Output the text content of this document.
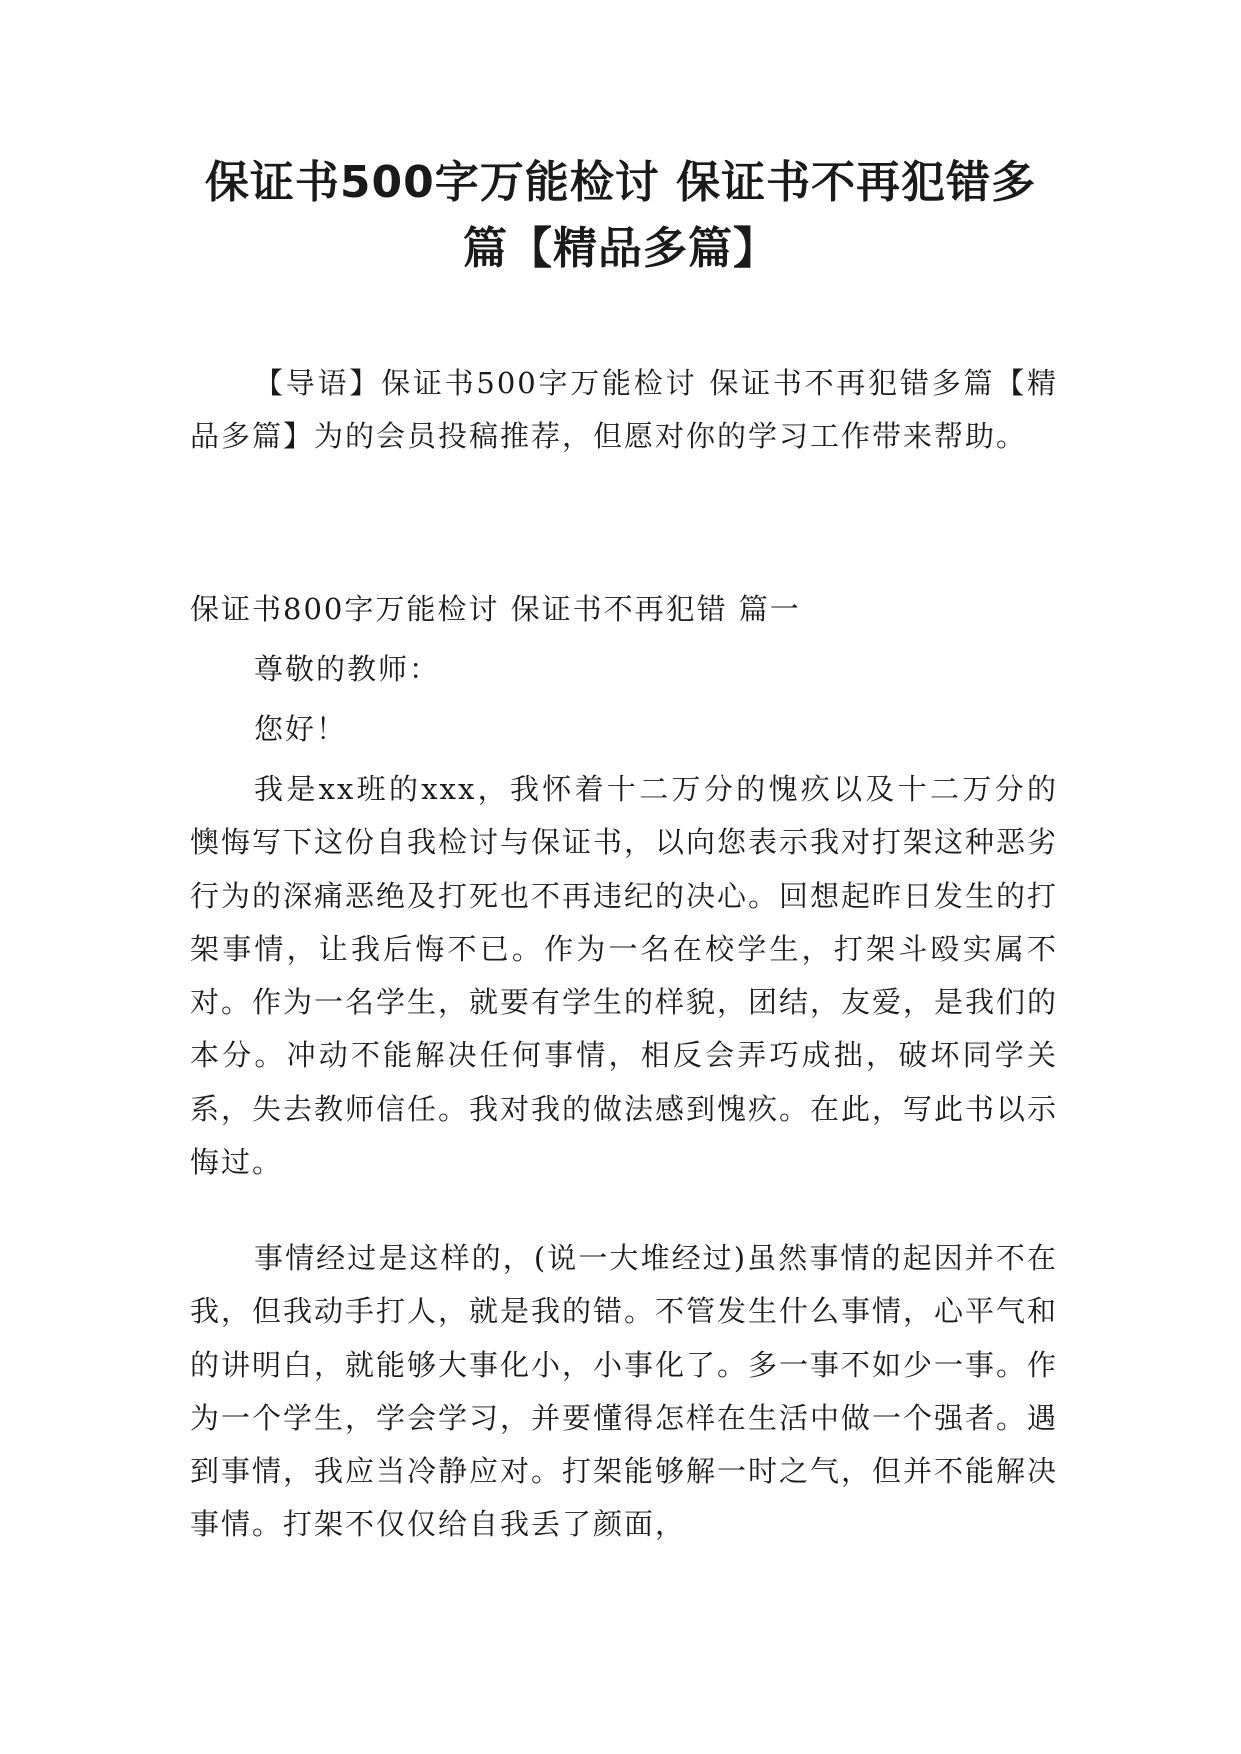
保证书500字万能检讨 保证书不再犯错多
篇【精品多篇】

【导语】保证书500字万能检讨 保证书不再犯错多篇【精品多篇】为的会员投稿推荐，但愿对你的学习工作带来帮助。

保证书800字万能检讨 保证书不再犯错 篇一

尊敬的教师：

您好！

我是xx班的xxx，我怀着十二万分的愧疚以及十二万分的懊悔写下这份自我检讨与保证书，以向您表示我对打架这种恶劣行为的深痛恶绝及打死也不再违纪的决心。回想起昨日发生的打架事情，让我后悔不已。作为一名在校学生，打架斗殴实属不对。作为一名学生，就要有学生的样貌，团结，友爱，是我们的本分。冲动不能解决任何事情，相反会弄巧成拙，破坏同学关系，失去教师信任。我对我的做法感到愧疚。在此，写此书以示悔过。

事情经过是这样的，(说一大堆经过)虽然事情的起因并不在我，但我动手打人，就是我的错。不管发生什么事情，心平气和的讲明白，就能够大事化小，小事化了。多一事不如少一事。作为一个学生，学会学习，并要懂得怎样在生活中做一个强者。遇到事情，我应当冷静应对。打架能够解一时之气，但并不能解决事情。打架不仅仅给自我丢了颜面，
